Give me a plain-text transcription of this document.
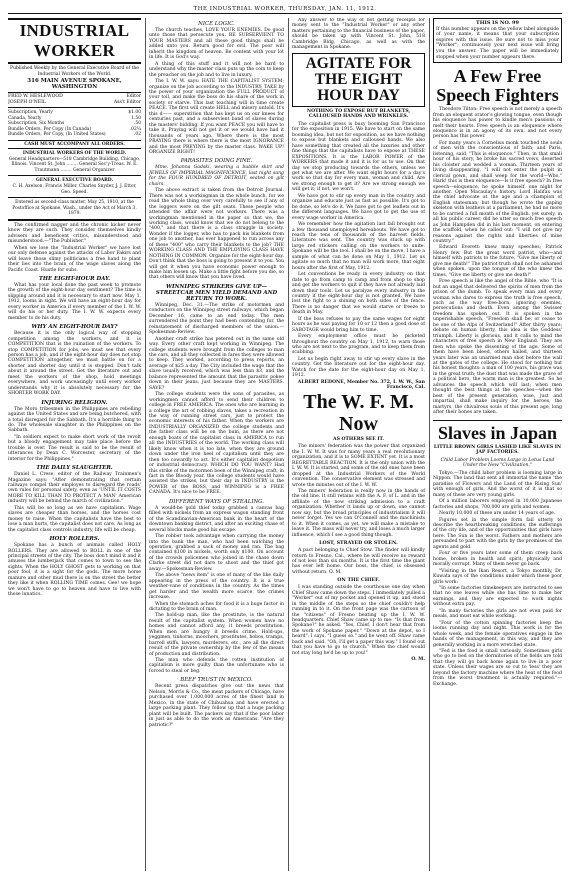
THE INDUSTRIAL WORKER, THURSDAY, JAN. 11, 1912.
INDUSTRIAL WORKER
Published Weekly by the General Executive Board of the Industrial Workers of the World.
316 MAIN AVENUE SPOKANE, WASHINGTON
FRED W. HESLEWOOD	Editor
JOSEPH O'NEIL	Ass't Editor
Subscription, Yearly	$1.00
Canada, Yearly	1.50
Subscription, Six Months	.50
Bundle Orders, Per Copy (In Canada)	.02¼
Bundle Orders, Per Copy, (In United States)	.02
CASH MUST ACCOMPANY ALL ORDERS.
INDUSTRIAL WORKERS OF THE WORLD.
General Headquarters—518 Cambridge Building, Chicago, Illinois. Vincent St. John ........ General Sec'y-Treas. W. E. Trautmann ........ General Organizer
GENERAL EXECUTIVE BOARD.
C. H. Axelson, Francis Miller, Charles Snyder, J. J. Ettor, Geo. Speed.
Entered as second-class matter, May 25, 1910, at the Postoffice at Spokane, Wash., under the Act of March 3, 1879.

The confirmed nagger and the chronic kicker never know they are such. They consider themselves kindly advisers and beneficent critics, misunderstood and misunderstood.—"The Publisher."

When we lose the "Industrial Worker" we have lost our only defense against the attacks of Labor Fakirs and will leave those slimy politicians a free hand to plant their lies into the brain of the wage slaves along the Pacific Coast. Hustle for subs.

THE EIGHT-HOUR DAY.

What has your local done the past week to promote the growth of the eight-hour day sentiment? The time is slipping around and it is necessary to start now. May 1, 1912, looms in sight. We will have an eight-hour day for every worker in America if every member of the I. W. W. will do his or her duty. The I. W. W. expects every member to do his duty.

WHY AN EIGHT-HOUR DAY?

Because it is the only logical way of stopping competition among the workers, and it is COMPETITION that is the ruination of the workers. To stop COMPETITION for jobs, we must see that every person has a job, and if the eight-hour day does not stop COMPETITION altogether, we must battle on for a shorter and shorter day until it is stopped. Don't talk about it around the street. Get the literature out and meet the workers of the shop, hold meetings everywhere, and work unceasingly until every worker understands why it is absolutely necessary for the SHORTER WORK DAY.

INJURING RELIGION.

The Moro tribesmen in the Philippines are rebelling against the United States and are being butchered, with a total disregard for the Sabbath. It's a horrible thing to do. The wholesale slaughter in the Philippines on the Sabbath.

"In soldiers expect to make short work of the revolt but a bloody engagement may take place before the trouble is over. The result is said to be the result of utterances by Dean C. Worcester, secretary of the interior for the Philippines."

THE DAILY SLAUGHTER.

Daniel L. Crese, editor of the Railway Trainmen's Magazine says: "After demonstrating that certain railways compel their employes to disregard the roads' own rules for personal safety, even as 'UNTIL IT COSTS MORE TO KILL THAN TO PROTECT A MAN' American industry will be behind the march of civilization."

This will be so long as we have capitalism. Wage slaves are cheaper than horses, and the horses cost money to raise. When the capitalists have the best to lose a man hurts, the capitalist does not care. As long as the capitalist class controls industry, life will be cheap.

HOLY ROLLERS.

Spokane has a bunch of animals called HOLY ROLLERS. They are allowed to ROLL in one of the principal streets of the city. The boss don't mind it and it amuses the lumberjack that comes to town to see the sights. When the HOLY GHOST gets to working on that poor fool, it is a sight for the gods. The more horse manure and other mud there is on the street the better they like it when ROLLING TIME comes. Gee! we hope we won't have to go to heaven and have to live with those lunatics.

NICE LOGIC.

The church teaches, LOVE YOUR ENEMIES. Do good unto those that persecute you. BE SUBSERVIENT TO YOUR MASTERS and all these good things shall be added unto you. Return good for evil. The poor will inherit the kingdom of heaven. Be content with your lot in life. It is God's way.

A thing of this stuff and it will not be hard to understand why the master class puts up the coin to keep the preacher on the job and to live in luxury.

The I. W. W. says: HATE THE CAPITALIST SYSTEM; organize on the job according to the INDUSTRY; TAKE by the power of your organization the FULL PRODUCT of your toil, and make the boss do his share of the work in society or starve. This last teaching will in time create PEACE. The first will create HELL and misery untold. It's this d—— superstition that has kept us on our knees for centuries past, and a subservient band of slaves during the masters' bidding. If you want PEACE you will have to take it. Praying will not get it or we would have had it thousands of years ago. Where there is the most PRAYING there is where there is the most IGNORANCE and the most PREYING by the master class. WAKE UP! ORGANIZE RIGHT!

PARASITES DOING FINE.

Mme. Johanna Gadski, wearing a bubble skirt and JEWELS OF IMPERIAL MAGNIFICENCE, last night sang for the FOUR HUNDRED OF DETROIT, seated on gilt chairs.

The above extract is taken from the Detroit Journal. There was not a workingman in the whole bunch, for we read the whole thing over very carefully to see if any of the loggers were on the gilt seats. These people who attended the affair were not workers. There was a workingman mentioned in the paper so that we, the working class, would know that we do not belong to the "400," and that there is a class struggle in society. Wonder if the logger, who has to pack his blankets from one job to another, has ever happened to run across any of these "400" who carry their blankets to the job? THE WORKING CLASS AND THE EMPLOYING CLASS HAVE NOTHING IN COMMON. Organize for the eight-hour day. Don't think that the boss is going to present it to you. You will get it when you have economic power enough to make him loosen up. Make a little fight before you die, so that others will know that you have lived.

WINNIPEG STRIKERS GIVE UP—STREETCAR MEN YIELD DEMAND AND RETURN TO WORK.

Winnipeg, Dec. 31.—The strike of motormen and conductors on the Winnipeg street railways, which began December 16, came to an end today. The men surrendered the point they had been contending for, the reinstatement of discharged members of the union.—Spokesman-Review.

Another craft strike has petered out in the same old way. Every other craft kept working in Winnipeg. The college students were brought from the colleges to man the cars, and all they collected in fares they were allowed to keep. They worked, according to press reports, an average of $25 a day. The City included the wage that the slave usually received, which was less than $3, and the balance represented the amount that the parasitic pokee down in their jeans, just because they are MASTERS. SAVE?

The college students were the sons of parasites, as workingmen cannot afford to send their children to college in FREE AMERICA. The ones who are learning in a college the art of robbing slaves, takes a recreation in the way of running street cars, just to protect the economic interests of his father. When the workers are INDUSTRIALLY ORGANIZED the college students and the father class will be on the bum, as there are not enough boats of the capitalist class in AMERICA to run all the INDUSTRIES of the world. The working class will likely know when it is too late, when they are ground down under the iron heel of capitalism until they are then too cowardly to act. It's either capitalist despotism or industrial democracy. WHICH DO YOU WANT? Had this strike of the motormen been of the Winnipeg craft, in fact in the Bloody year, the college students would have assisted the strikes, but their day in INDUSTRY is the POWER of the BOSS, and WINNIPEG is a FREE CANADA. It's nice to be FREE.

DIFFERENT WAYS OF STEALING.

A would-be gold thief today grabbed a canvas bag filled with nickels from an express wagon standing front of the Scandinavian-American bank in the heart of the downtown banking district, and after an exciting chase of several blocks made good his escape.

The robber took advantage when carrying the money into the bank the man, who had been watching the operation, grabbed a sack of money and ran. The bag contained $100 in nickels, worth only $100. On account of the crowds policemen who joined in the chase down Clarke street did not dare to shoot and the thief got away.—Spokesman-Review.

The above "news item" is one of many of the like daily appearing in the press of the country. It is a true weather-vane of conditions in the country. As the times get harder and the wealth more scarce, the crimes increase.

When the stomach aches for food it is a huge factor in dictating to the brain of man.

The hold-up man, like the prostitute, is the natural result of the capitalist system. When women have no homes and cannot afford any, it breeds prostitution. When men are hungry it breeds crime. Hold-ups, yeggmen, tinhorns, moochers, prostitutes, hobos, tramps, barrell stiffs, lawyers, murderers, etc., are all the direct result of the private ownership by the few of the means of production and distribution.

The man who defends the rotten institution of capitalism is more guilty than the unfortunate who is forced to steal or beg.

BEEF TRUST IN MEXICO.

Recent press dispatches give out the news that Nelson, Morris & Co., the meat packers of Chicago, have purchased over 1,000,000 acres of the finest land in Mexico, in the state of Chihuahua and have erected a large packing plant. They follow up that a huge packing plant will be built. The packers say that if the poor labor in just as able to do the work as Americans. "Are they patriotic?"

Any answer to the way of not getting receipts for money sent to the "Industrial Worker" or any other matters pertaining to the financial business of the paper, should be taken up with Vincent St. John, 518 Cambridge Bldg, Chicago, as well as with the management in Spokane.

AGITATE FOR THE EIGHT HOUR DAY
NOTHING TO EXPOSE BUT BLANKETS, CALLOUSED HANDS AND WRINKLES.

The capitalist press is busy booming San Francisco for the exposition in 1915. We have to start on the same booming idea, but not for exposition, as we have nothing to expose but blankets and calloused hands. We also have something that created all the luxuries and other fine things that the capitalists have to expose at THESE EXPOSITIONS. It is the LABOR POWER of the WORKERS that made it and it is for us to use. On that day we stop producing towards the others, unless we get what we are after. We want eight hours for a day's work so that day for every man, woman and child. Are we strong enough to get it? Are we strong enough we will get it; if not, we won't.

We have got to stir up every man in the country and organize and educate just as fast as possible. It's got to be done, so let's do it. We have got to get leaflets out in the different languages. We have got to get the use of every wage worker in America.

We remember how the agitation last fall brought out a few thousand unemployed hereabouts. We have got to reach the tens of thousands of the harvest fields. Literature was sent. The country was stuck up with large red stickers calling on the workers to unite. Spokane will be the tool. I shall be on the move. I have a sample of what can be done on May 1, 1912. Let us agitate so much that no man will work more, that eight hours after the first of May, 1912.

Let conventions be ready in every industry on that date to go from camp to camp and from shop to shop and get the workers to quit if they have not already laid down their tools. Let us paralyze every industry in the country if the eight-hour day is not granted. We have lost the fight to a shining on both sides of the fence. There is no danger that we would starve or freeze to death in May.

If the boss refuses to pay the same wages for eight hours as he was paying for 10 or 12 then a good dose of SABOTAGE would bring him to time.

Every employment office must be picketed throughout the country on May 1, 1912, to warn those who are not next to the program, and to keep them from scabbing.

Let us begin right away to stir up every slave in the country. Get the literature out for the eight-hour day. Watch for the date for the eight-hour day on May 1, 1912.

ALBERT REDONE, Member No. 372, I. W. W., San Francisco, Cal.
The W. F. M. Now
AS OTHERS SEE IT.

The miners' federation was the power that organized the I. W. W. It was for many years a real revolutionary organization, and it is to SOME EXTENT yet. It is a most REGRETTABLE REACTION. It is the only union with the I. W. W. It is started, and some of the old ones have been dropped at the Industrial Workers of the World convention. The conservative element was stressed and wrote the minutes out of the I. W. W.

The miners' federation is really now in the hands of the old line. It still retains with the A. F. of L. and in the affiliate of the now striking admission to a craft organization. Whether it lands up or down, one cannot now say, but the broad principles of industrialism it will never forget. Yes we can O'Connell and the machinists to it. When it comes, as yet, we will make a mistake to leave it. The mass will never try, and loses a much larger influence, which I see a good thing though.

LOST, STRAYED OR STOLEN.

A pact belonging to Chief Stow. The finder will kindly return to Fresno, Cal., where he will receive no reward of not less than six months. It is the first time the giant has ever left home. Our boss, the chief, is obsessed without return. O. M.

ON THE CHIEF.

I was standing outside the courthouse one day when Chief Shaw came down the steps. I immediately pulled a "Worker" out of my pocket and opened it up, and stood in the middle of the steps so the chief couldn't help running in to it. On the front page was the cartoon of the "citizens" of Fresno beating up the I. W. W. headquarters. Chief Shaw came up to me: "Is that from Spokane?" he asked. "Yes, Chief, I don't hear that from the work of Spokane paper." "Down at the depot, so I heard", I says, "I guess so." and he went off. Shaw came back and said. "Oh, I'll get a paper this way." I found out that you have to go to church." When the chief would not stay long he'd be up to you!"

O. M.
THIS IS NO. 99
If this number appears on the yellow label alongside of your name, it means that your subscription expires with this issue. Be sure not to miss your "Worker"; continuously your next issue will bring you the answer. The paper will be immediately stopped when your number appears there.
A Few Free Speech Fighters

Theodore Tilton: Free speech is not merely a speech from an eloquent orator's glowing tongue, even though his eloquence has power to kindle men's passions or melt their hearts. Free speech is an eloquence where eloquence is in an agony of its own, and not every person has this power.

For many years a Cornelius monk touched the souls of men with the conscientious of faith; and Paris, listening, said, "This is eloquence." Then, in that small hour of his story, he broke his sacred vows, deserted his cloister and wedded a woman. Thirteen years of living disappearing, "I will not enter the pulpit in clerical gown, and shall weep for the world—Who," Hark! this is then eloquence—Is it free speech? In free speech—eloquence, he spoke himself, one night for another. Open Macaulay's history. Lord Halifax was the chief advocate at the age and a champion of English statesman; but though he wrote the gaping skeleton with leathers at a parliament, he had no more to be carried a full month of the English. yet surely, in all his public career, did he utter so much free speech as John Hampden did in his last moment, on entering the scaffold, when he called out: "I will not give my reasons against the rights and liberties of mine country."

Edward Everett: knew many speeches; Patrick Henry few. But the great word patriot, who—and himself with patriots to the future, "Give me liberty or give me death!" The patriot truth shall not be ashamed when spoken, upon the tongue of the who knew the times, "Give me liberty or give me death!"

Free speech is like the angel of the Bible, who "It is but an angel that delivered the spirits of men from the prison of the dumb. To speak every man and every woman who dares to express the truth is free speech, such as the way free-born, ignoring enemies, persecutions and death. Even among the Swisser freedom has spoken out. It is spoken in the unperishable speech, "Freedom shall be, or cease to be one of the Alps of Switzerland!" After thirty years; debate on human liberty, this idea is the Goddess' triumph. Liberty is glorious, and it calls to mind the characters of free speech in New England. They are men who spoke the dissenting of the age. Some of them have been bleed, others hailed, and thirteen years later was an unarmed man shot before the wall at the gates of the college. He stood for nothing but his honest thoughts: a man of 100 years, his grave was in the great truth; the dust that was made the grave of a political hero, the warm man is the greatest. So he advances the speech which will last; when men thought the best things at the speeches—when the best of the present generation, wise, just and impartial, shall make inquiry for the heroes, the martyrs, the chivalrous souls of this present age, long after their bones are taken.

Slaves in Japan
LITTLE BROWN GIRLS LASHED LIKE SLAVES IN JAP FACTORIES.
Child Labor Problem Looms Large in Lotus Land Under the New "Civilization."

Tokyo.—The child labor problem is looming large in Nippon. The land that sent all immortal the name 'the paradise of Flowers and the Land of the Rising Sun' with enough of girls. And the worst of it is that so many of these are very young girls.

Of a million laborers employed in 10,000 Japanese factories and shops, 700,000 are girls and women.

Nearly 10,000 of these are under 14 years of age.

Figures set in the simple form fail utterly to describe the heartbreaking conditions, the sufferings of the city life, and of the opportunities that girls have here. The Sun is the worst. Fathers and mothers are persuaded to part with the girls by the promises of the agents and gold.

Four or five years later some of them creep back home, broken in health and spirit; physically and morally corrupt. Many of them never go back.

"Visiting in the Ikan Resort, a Tokyo monthly, Dr. Kuwata says of the conditions under which these poor girls work:

"In some factories timekeepers are instructed to see that no one leaves while she has time to make her earnings, and they are expected to work nights without extra pay.

"In many factories the girls are not even paid for meals, and must eat while working.

"Four of the cotton spinning factories keep the looms running day and night. This work is for the whole week, and the female operatives engage in the hands of the management, in this way, and they are generally working in a more wretched state.

"Fed is the food is small variously. Sometimes girls who go to bed on the dormitories of the fields are told that they will go back home again to live in a poor state. Unless their wages are so cut to 'less' they are beyond the factory machine where the heat of the food from the worst treatment is actually required."—Exchange.
